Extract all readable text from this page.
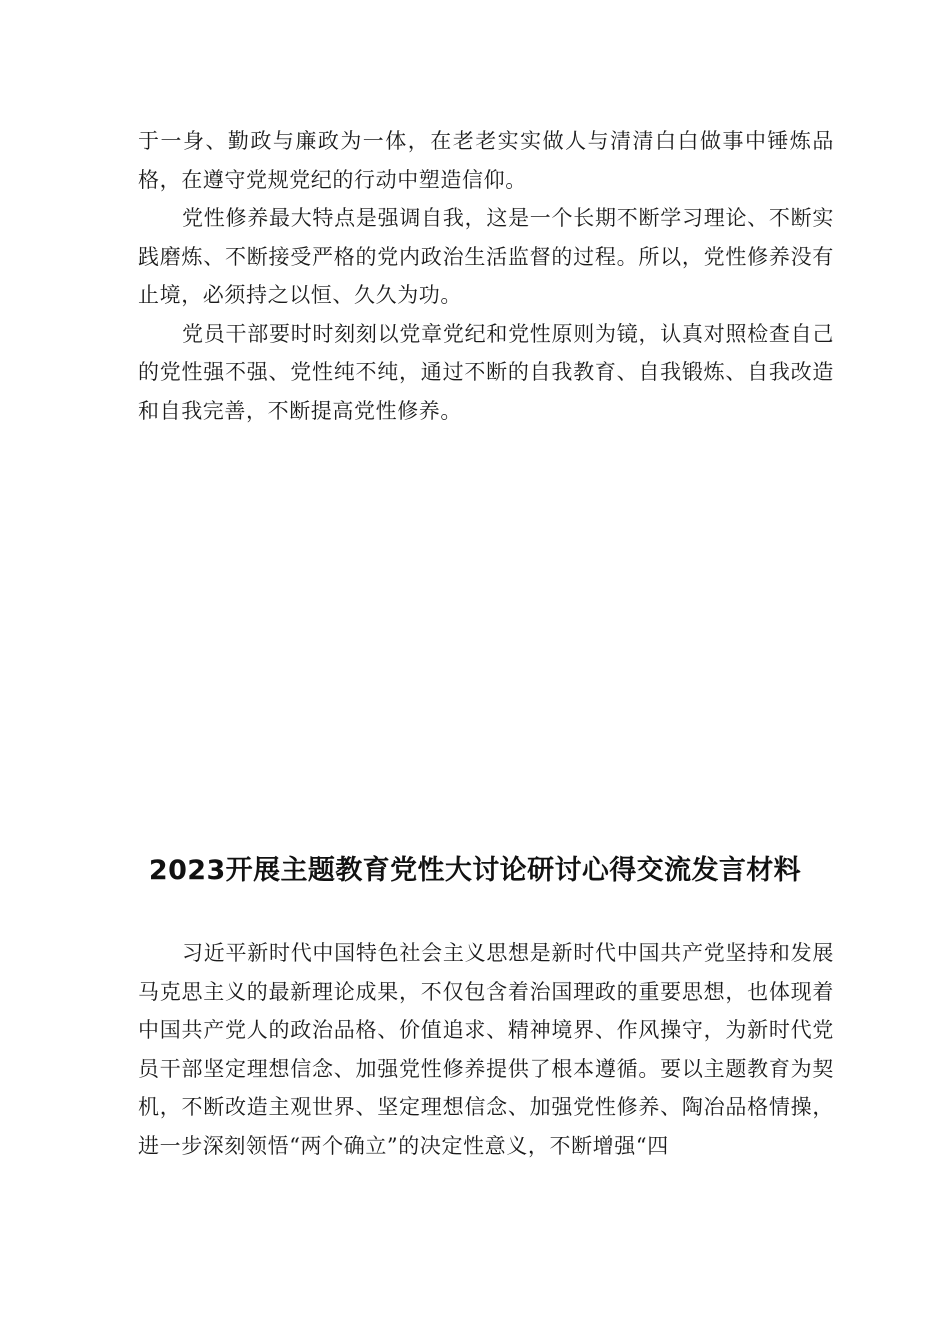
于一身、勤政与廉政为一体，在老老实实做人与清清白白做事中锤炼品格，在遵守党规党纪的行动中塑造信仰。

党性修养最大特点是强调自我，这是一个长期不断学习理论、不断实践磨炼、不断接受严格的党内政治生活监督的过程。所以，党性修养没有止境，必须持之以恒、久久为功。

党员干部要时时刻刻以党章党纪和党性原则为镜，认真对照检查自己的党性强不强、党性纯不纯，通过不断的自我教育、自我锻炼、自我改造和自我完善，不断提高党性修养。

2023开展主题教育党性大讨论研讨心得交流发言材料

习近平新时代中国特色社会主义思想是新时代中国共产党坚持和发展马克思主义的最新理论成果，不仅包含着治国理政的重要思想，也体现着中国共产党人的政治品格、价值追求、精神境界、作风操守，为新时代党员干部坚定理想信念、加强党性修养提供了根本遵循。要以主题教育为契机，不断改造主观世界、坚定理想信念、加强党性修养、陶冶品格情操，进一步深刻领悟“两个确立”的决定性意义，不断增强“四
